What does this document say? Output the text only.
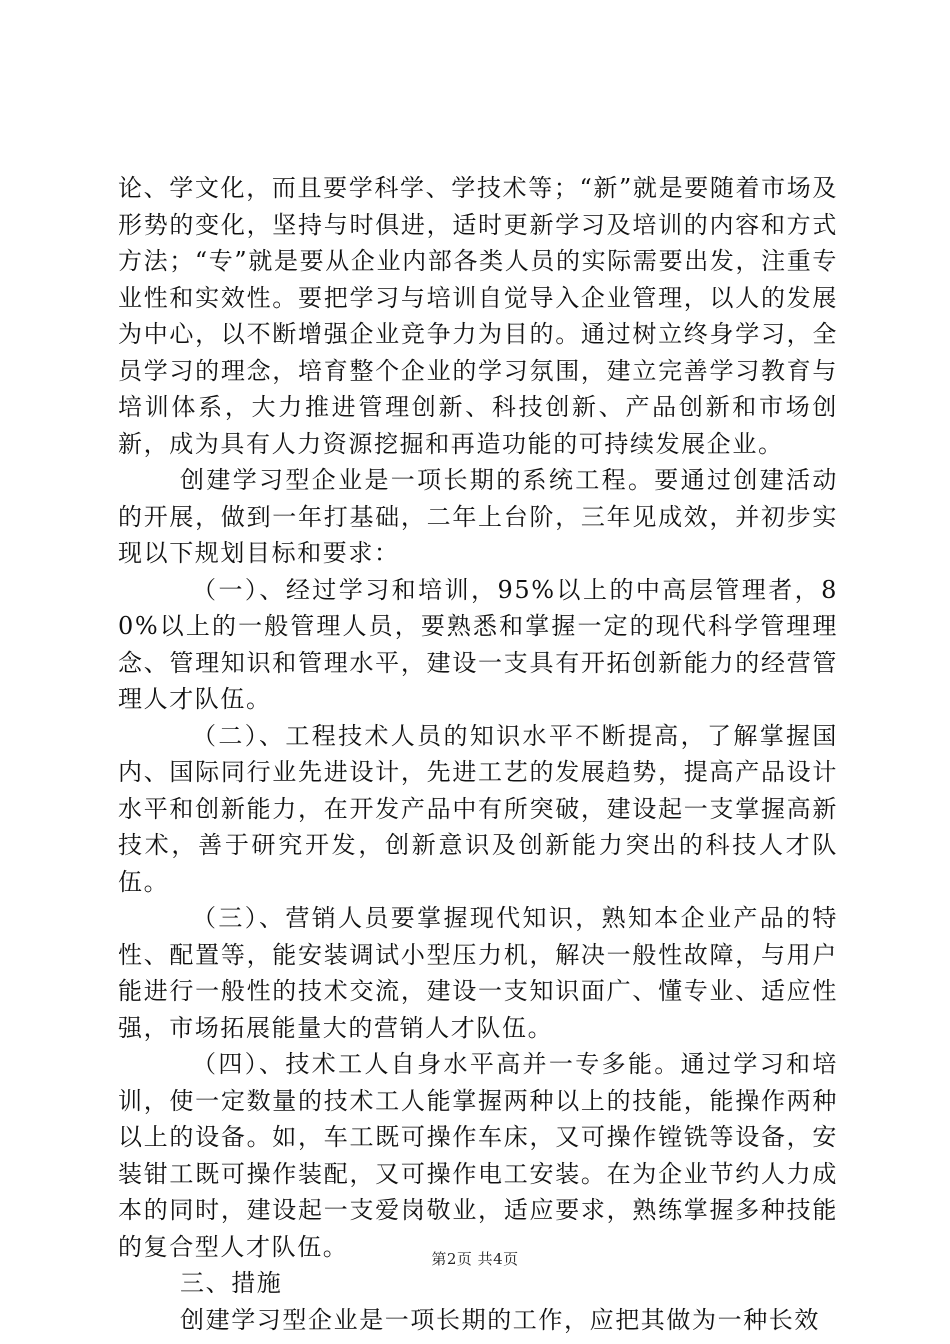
论、学文化，而且要学科学、学技术等；“新”就是要随着市场及形势的变化，坚持与时俱进，适时更新学习及培训的内容和方式方法；“专”就是要从企业内部各类人员的实际需要出发，注重专业性和实效性。要把学习与培训自觉导入企业管理，以人的发展为中心，以不断增强企业竞争力为目的。通过树立终身学习，全员学习的理念，培育整个企业的学习氛围，建立完善学习教育与培训体系，大力推进管理创新、科技创新、产品创新和市场创新，成为具有人力资源挖掘和再造功能的可持续发展企业。

创建学习型企业是一项长期的系统工程。要通过创建活动的开展，做到一年打基础，二年上台阶，三年见成效，并初步实现以下规划目标和要求：

（一）、经过学习和培训，95%以上的中高层管理者，80%以上的一般管理人员，要熟悉和掌握一定的现代科学管理理念、管理知识和管理水平，建设一支具有开拓创新能力的经营管理人才队伍。

（二）、工程技术人员的知识水平不断提高，了解掌握国内、国际同行业先进设计，先进工艺的发展趋势，提高产品设计水平和创新能力，在开发产品中有所突破，建设起一支掌握高新技术，善于研究开发，创新意识及创新能力突出的科技人才队伍。

（三）、营销人员要掌握现代知识，熟知本企业产品的特性、配置等，能安装调试小型压力机，解决一般性故障，与用户能进行一般性的技术交流，建设一支知识面广、懂专业、适应性强，市场拓展能量大的营销人才队伍。

（四）、技术工人自身水平高并一专多能。通过学习和培训，使一定数量的技术工人能掌握两种以上的技能，能操作两种以上的设备。如，车工既可操作车床，又可操作镗铣等设备，安装钳工既可操作装配，又可操作电工安装。在为企业节约人力成本的同时，建设起一支爱岗敬业，适应要求，熟练掌握多种技能的复合型人才队伍。

三、措施

创建学习型企业是一项长期的工作，应把其做为一种长效

第2页 共4页
